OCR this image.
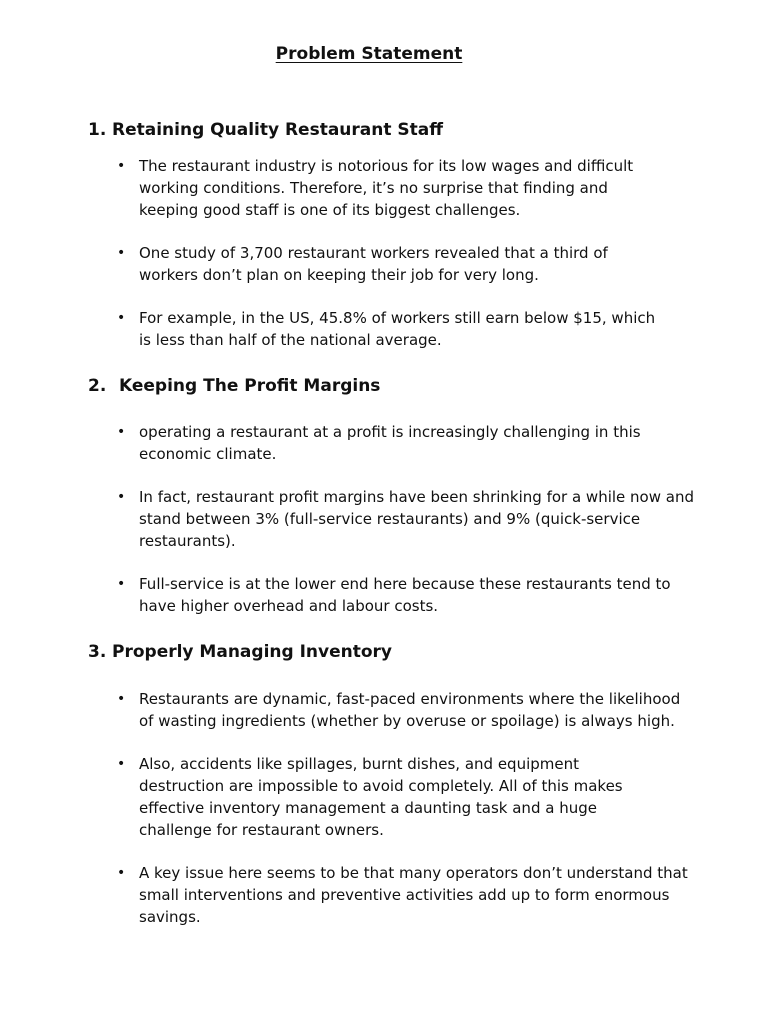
Problem Statement
1. Retaining Quality Restaurant Staff
• The restaurant industry is notorious for its low wages and difficult working conditions. Therefore, it’s no surprise that finding and keeping good staff is one of its biggest challenges.
• One study of 3,700 restaurant workers revealed that a third of workers don’t plan on keeping their job for very long.
• For example, in the US, 45.8% of workers still earn below $15, which is less than half of the national average.
2. Keeping The Profit Margins
• operating a restaurant at a profit is increasingly challenging in this economic climate.
• In fact, restaurant profit margins have been shrinking for a while now and stand between 3% (full-service restaurants) and 9% (quick-service restaurants).
• Full-service is at the lower end here because these restaurants tend to have higher overhead and labour costs.
3. Properly Managing Inventory
• Restaurants are dynamic, fast-paced environments where the likelihood of wasting ingredients (whether by overuse or spoilage) is always high.
• Also, accidents like spillages, burnt dishes, and equipment destruction are impossible to avoid completely. All of this makes effective inventory management a daunting task and a huge challenge for restaurant owners.
• A key issue here seems to be that many operators don’t understand that small interventions and preventive activities add up to form enormous savings.
